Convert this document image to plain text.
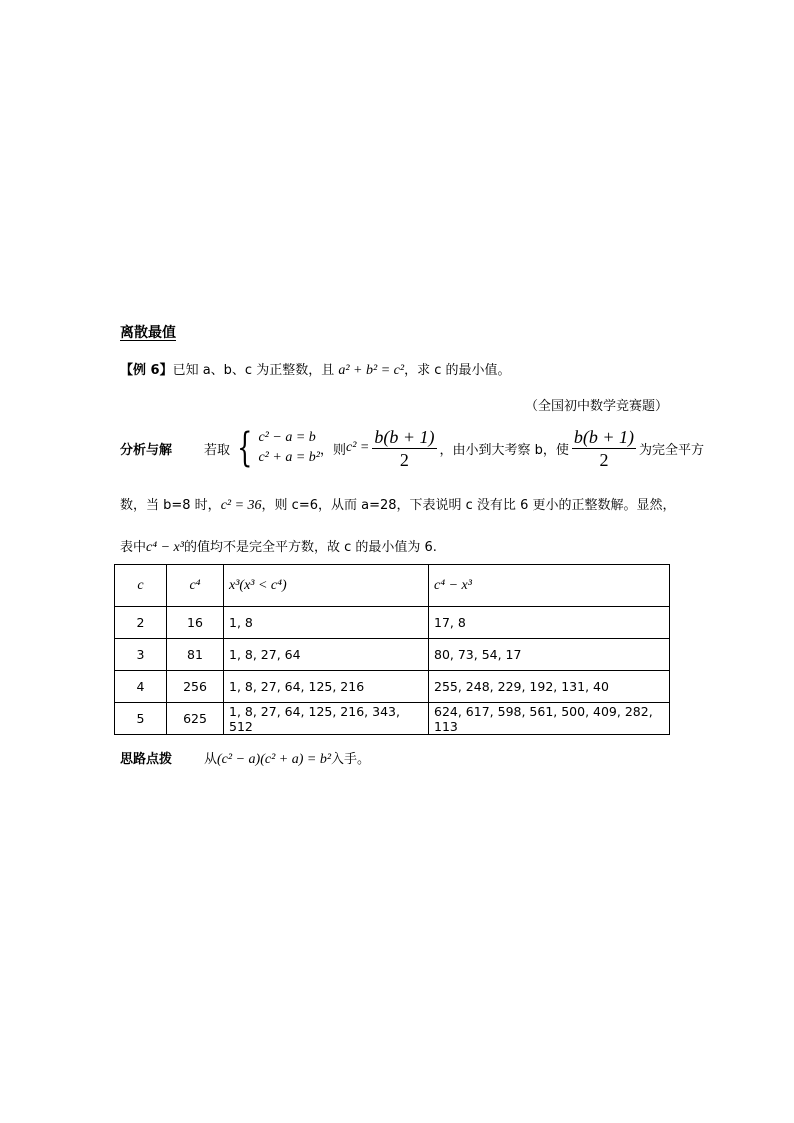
离散最值
【例 6】已知 a、b、c 为正整数，且 a² + b² = c²，求 c 的最小值。
（全国初中数学竞赛题）
分析与解	若取 { c² − a = b
c² + a = b² ，则 $c^2 = \frac{b(b + 1)}{2}$ ，由小到大考察 b，使 $\frac{b(b + 1)}{2}$ 为完全平方
数，当 b=8 时，c² = 36，则 c=6，从而 a=28，下表说明 c 没有比 6 更小的正整数解。显然，
表中c⁴ − x³的值均不是完全平方数，故 c 的最小值为 6.
c	c⁴	x³(x³ < c⁴)	c⁴ − x³
2	16	1, 8	17, 8
3	81	1, 8, 27, 64	80, 73, 54, 17
4	256	1, 8, 27, 64, 125, 216	255, 248, 229, 192, 131, 40
5	625	1, 8, 27, 64, 125, 216, 343, 512	624, 617, 598, 561, 500, 409, 282, 113
思路点拨 从(c² − a)(c² + a) = b²入手。
